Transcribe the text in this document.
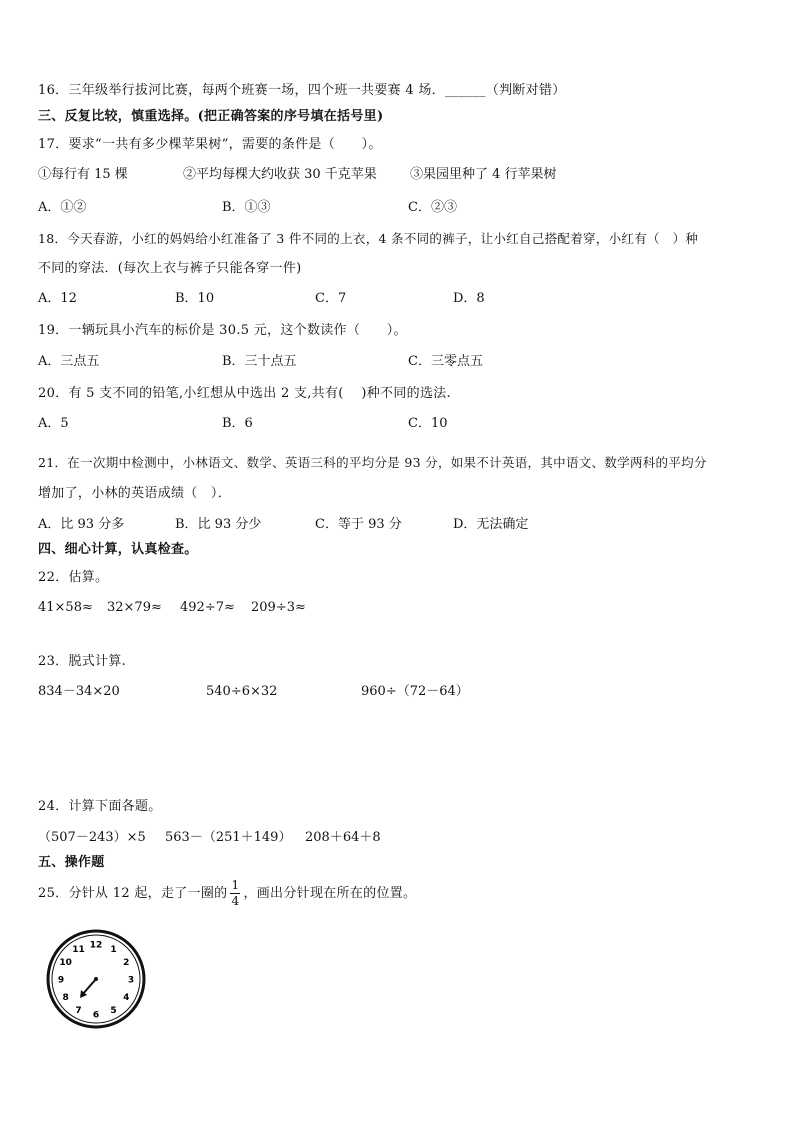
16．三年级举行拔河比赛，每两个班赛一场，四个班一共要赛 4 场．______（判断对错）
三、反复比较，慎重选择。(把正确答案的序号填在括号里)
17．要求“一共有多少棵苹果树”，需要的条件是（　　）。
①每行有 15 棵	②平均每棵大约收获 30 千克苹果	③果园里种了 4 行苹果树
A．①②	B．①③	C．②③
18．今天春游，小红的妈妈给小红准备了 3 件不同的上衣，4 条不同的裤子，让小红自己搭配着穿，小红有（　）种
不同的穿法．(每次上衣与裤子只能各穿一件)
A．12	B．10	C．7	D．8
19．一辆玩具小汽车的标价是 30.5 元，这个数读作（　　）。
A．三点五	B．三十点五	C．三零点五
20．有 5 支不同的铅笔,小红想从中选出 2 支,共有(　 )种不同的选法.
A．5	B．6	C．10
21．在一次期中检测中，小林语文、数学、英语三科的平均分是 93 分，如果不计英语，其中语文、数学两科的平均分
增加了，小林的英语成绩（　）．
A．比 93 分多	B．比 93 分少	C．等于 93 分	D．无法确定
四、细心计算，认真检查。
22．估算。
41×58≈ 32×79≈ 492÷7≈ 209÷3≈
23．脱式计算.
834－34×20	540÷6×32	960÷（72－64）
24．计算下面各题。
（507－243）×5 563－（251＋149） 208＋64＋8
五、操作题
25．分针从 12 起，走了一圈的 $\frac{1}{4}$ ，画出分针现在所在的位置。
12 1
2
3
4
5
6
7
8
9
10
11
